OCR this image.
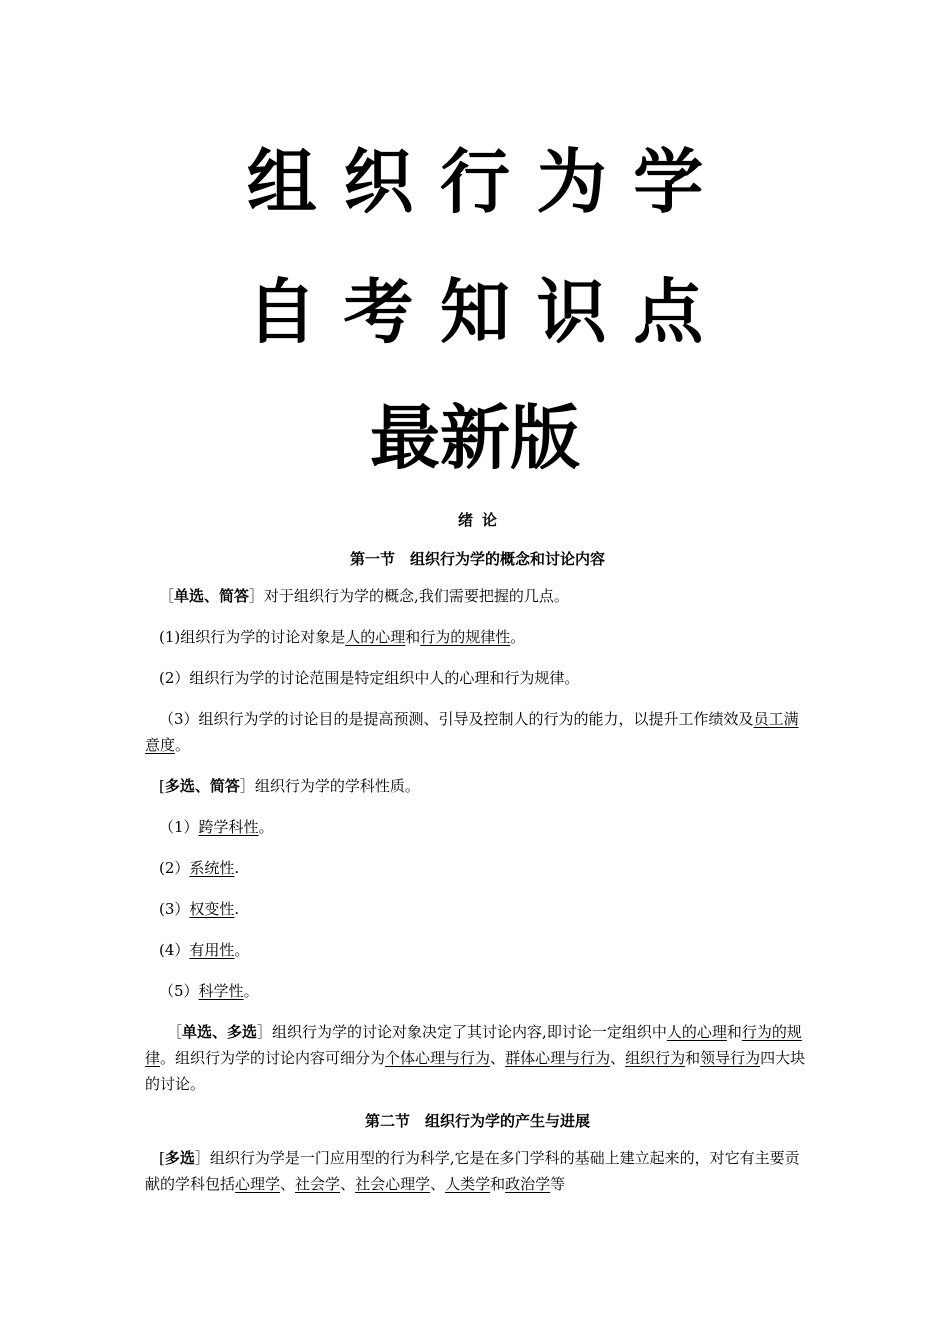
组织行为学
自考知识点
最新版
绪论
第一节　组织行为学的概念和讨论内容

［单选、简答］对于组织行为学的概念,我们需要把握的几点。

(1)组织行为学的讨论对象是人的心理和行为的规律性。

(2）组织行为学的讨论范围是特定组织中人的心理和行为规律。

（3）组织行为学的讨论目的是提高预测、引导及控制人的行为的能力，以提升工作绩效及员工满意度。

[多选、简答］组织行为学的学科性质。

（1）跨学科性。

(2）系统性.

(3）权变性.

(4）有用性。

（5）科学性。

［单选、多选］组织行为学的讨论对象决定了其讨论内容,即讨论一定组织中人的心理和行为的规律。组织行为学的讨论内容可细分为个体心理与行为、群体心理与行为、组织行为和领导行为四大块的讨论。

第二节　组织行为学的产生与进展

[多选］组织行为学是一门应用型的行为科学,它是在多门学科的基础上建立起来的，对它有主要贡献的学科包括心理学、社会学、社会心理学、人类学和政治学等
